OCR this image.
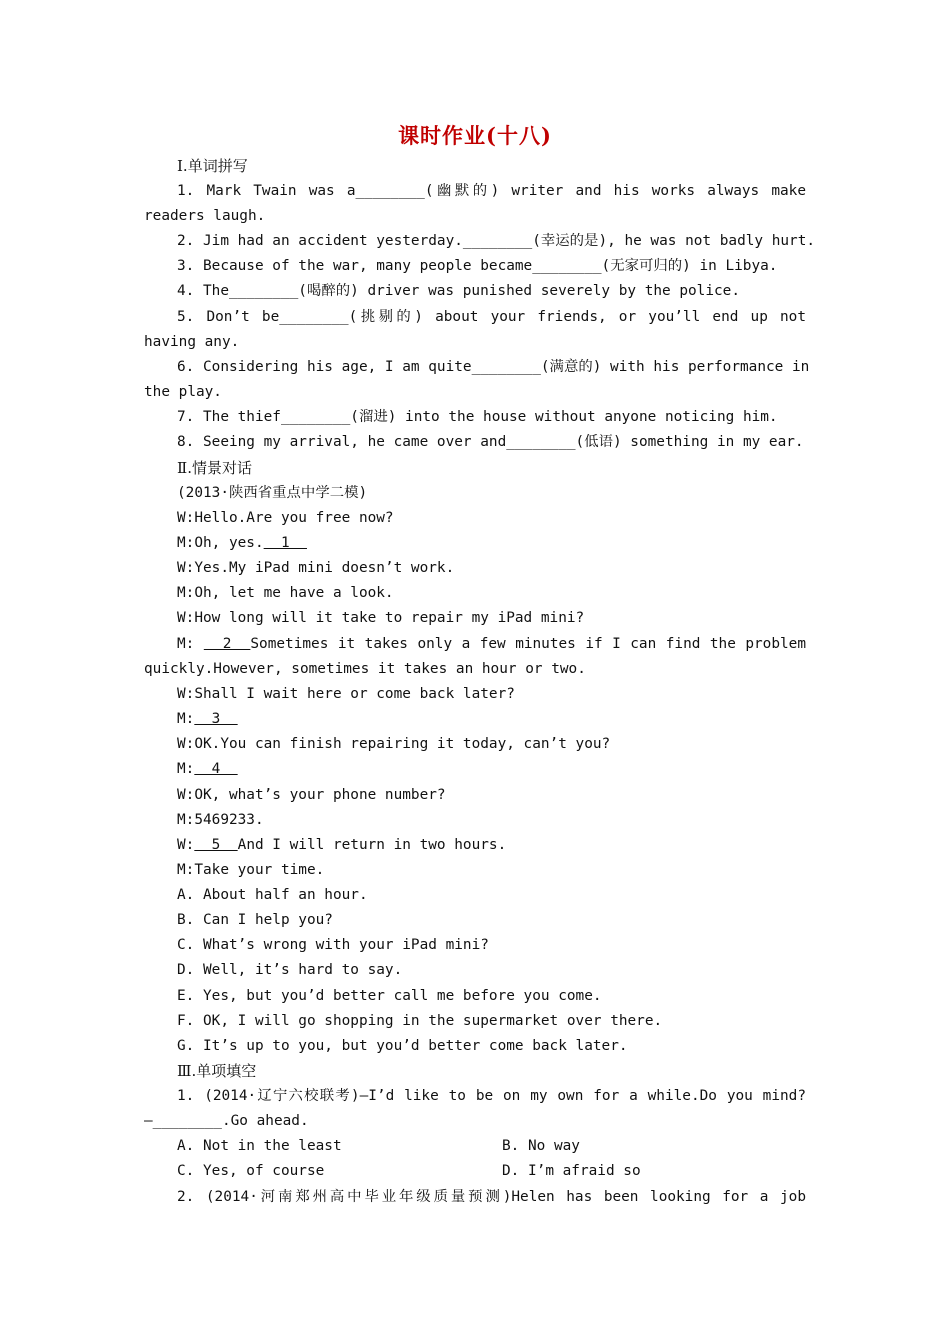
课时作业(十八)
Ⅰ.单词拼写
1. Mark Twain was a________(幽默的) writer and his works always make
readers laugh.
2. Jim had an accident yesterday.________(幸运的是), he was not badly hurt.
3. Because of the war, many people became________(无家可归的) in Libya.
4. The________(喝醉的) driver was punished severely by the police.
5. Don’t be________(挑剔的) about your friends, or you’ll end up not
having any.
6. Considering his age, I am quite________(满意的) with his performance in
the play.
7. The thief________(溜进) into the house without anyone noticing him.
8. Seeing my arrival, he came over and________(低语) something in my ear.
Ⅱ.情景对话
(2013·陕西省重点中学二模)
W:Hello.Are you free now?
M:Oh, yes.  1
W:Yes.My iPad mini doesn’t work.
M:Oh, let me have a look.
W:How long will it take to repair my iPad mini?
M:   2  Sometimes it takes only a few minutes if I can find the problem
quickly.However, sometimes it takes an hour or two.
W:Shall I wait here or come back later?
M:  3
W:OK.You can finish repairing it today, can’t you?
M:  4
W:OK, what’s your phone number?
M:5469233.
W:  5  And I will return in two hours.
M:Take your time.
A. About half an hour.
B. Can I help you?
C. What’s wrong with your iPad mini?
D. Well, it’s hard to say.
E. Yes, but you’d better call me before you come.
F. OK, I will go shopping in the supermarket over there.
G. It’s up to you, but you’d better come back later.
Ⅲ.单项填空
1. (2014·辽宁六校联考)—I’d like to be on my own for a while.Do you mind?
—________.Go ahead.
A. Not in the least	B. No way
C. Yes, of course	D. I’m afraid so
2. (2014·河南郑州高中毕业年级质量预测)Helen has been looking for a job
